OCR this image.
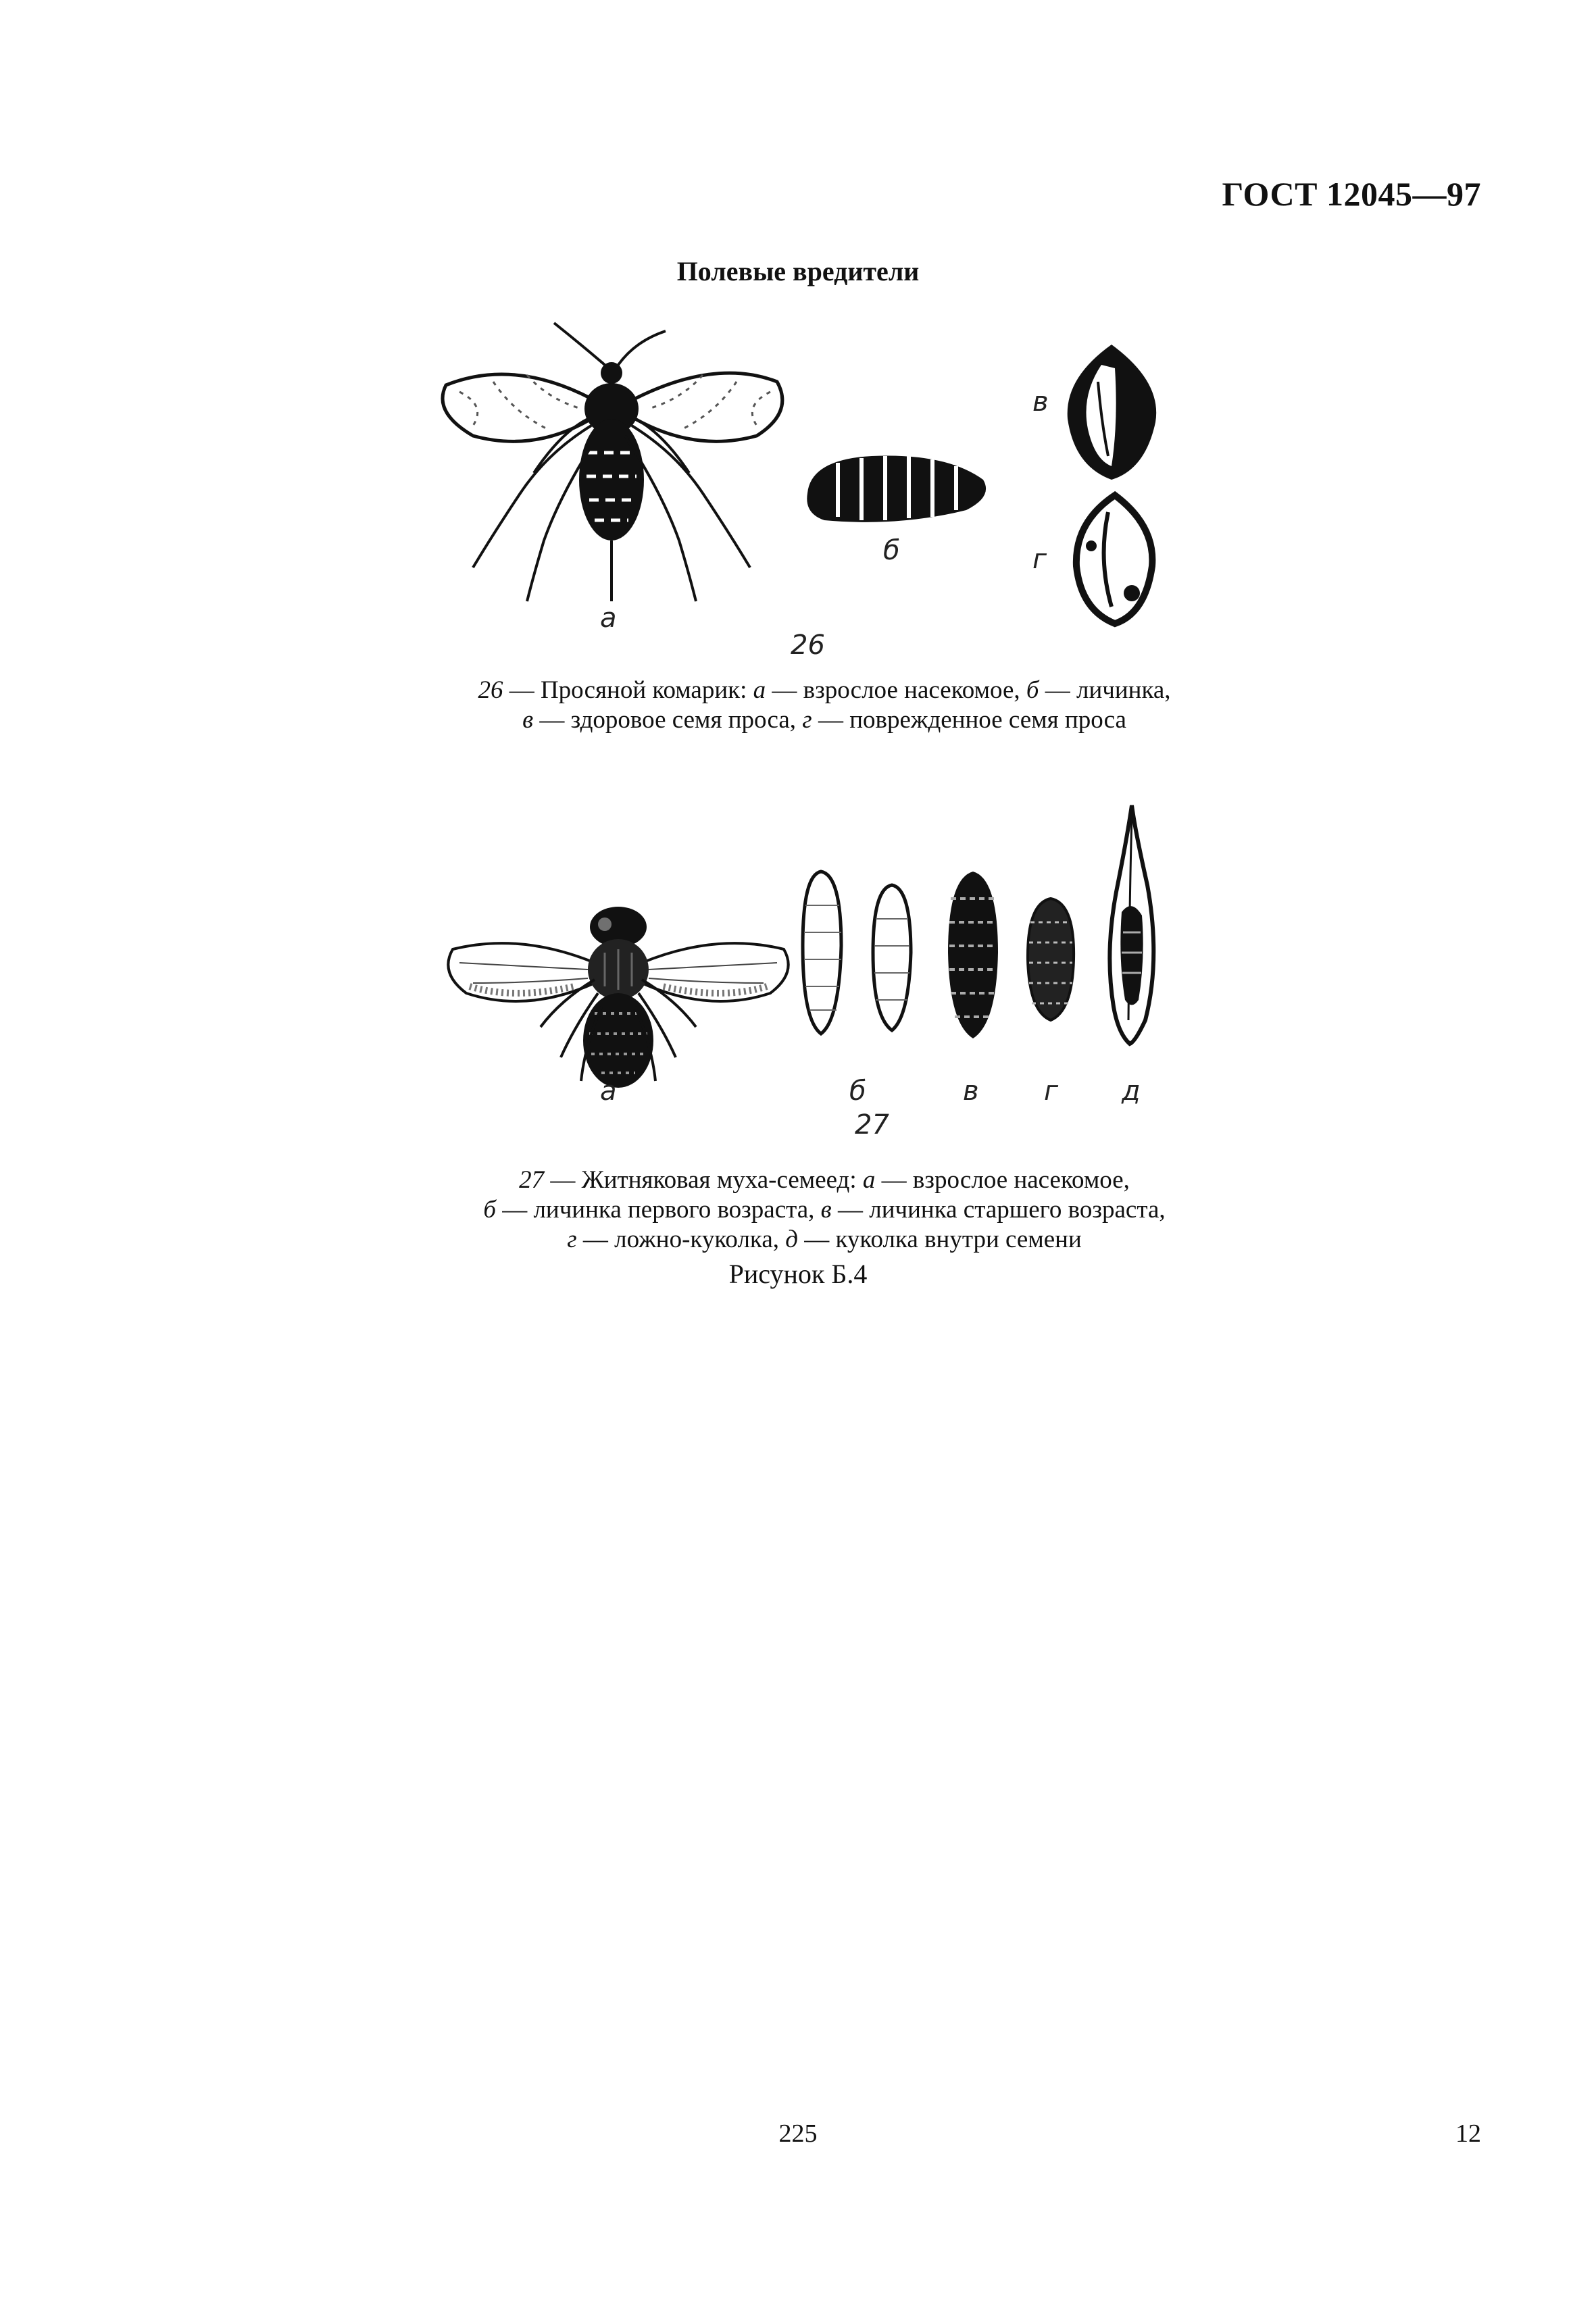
ГОСТ 12045—97
Полевые вредители
а
б
в
г
26
26 — Просяной комарик: а — взрослое насекомое, б — личинка,
в — здоровое семя проса, г — поврежденное семя проса
а	б	в г д
27
27 — Житняковая муха-семеед: а — взрослое насекомое,
б — личинка первого возраста, в — личинка старшего возраста,
г — ложно-куколка, д — куколка внутри семени
Рисунок Б.4
225	12
